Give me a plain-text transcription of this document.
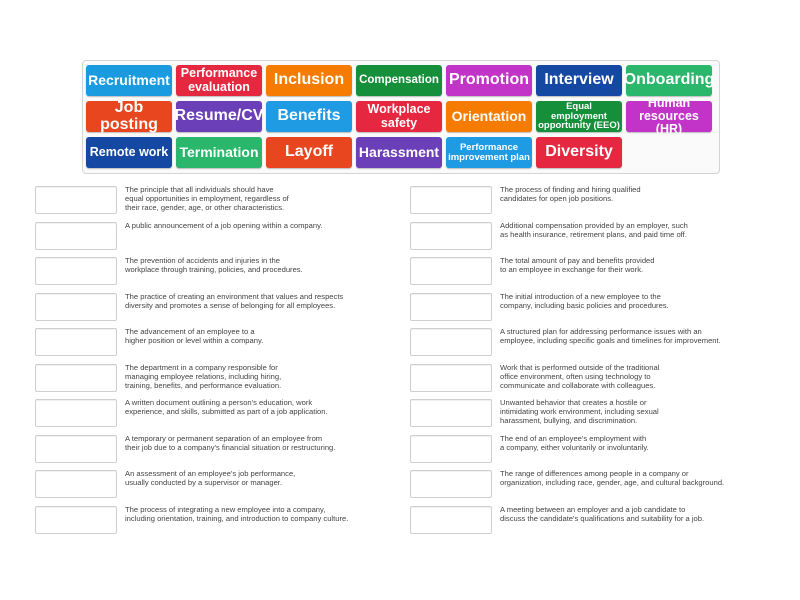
Recruitment Performance evaluation	Inclusion	Compensation Promotion Interview Onboarding
Job posting	Resume/CV Benefits	Workplace safety	Orientation
Equal employment opportunity (EEO)
Human resources (HR)
Remote work Termination	Layoff	Harassment	Performance improvement plan Diversity
The principle that all individuals should have
equal opportunities in employment, regardless of
their race, gender, age, or other characteristics.
A public announcement of a job opening within a company.
The prevention of accidents and injuries in the
workplace through training, policies, and procedures.
The practice of creating an environment that values and respects
diversity and promotes a sense of belonging for all employees.
The advancement of an employee to a
higher position or level within a company.
The department in a company responsible for
managing employee relations, including hiring,
training, benefits, and performance evaluation.
A written document outlining a person's education, work
experience, and skills, submitted as part of a job application.
A temporary or permanent separation of an employee from
their job due to a company's financial situation or restructuring.
An assessment of an employee's job performance,
usually conducted by a supervisor or manager.
The process of integrating a new employee into a company,
including orientation, training, and introduction to company culture.
The process of finding and hiring qualified
candidates for open job positions.
Additional compensation provided by an employer, such
as health insurance, retirement plans, and paid time off.
The total amount of pay and benefits provided
to an employee in exchange for their work.
The initial introduction of a new employee to the
company, including basic policies and procedures.
A structured plan for addressing performance issues with an
employee, including specific goals and timelines for improvement.
Work that is performed outside of the traditional
office environment, often using technology to
communicate and collaborate with colleagues.
Unwanted behavior that creates a hostile or
intimidating work environment, including sexual
harassment, bullying, and discrimination.
The end of an employee's employment with
a company, either voluntarily or involuntarily.
The range of differences among people in a company or
organization, including race, gender, age, and cultural background.
A meeting between an employer and a job candidate to
discuss the candidate's qualifications and suitability for a job.
